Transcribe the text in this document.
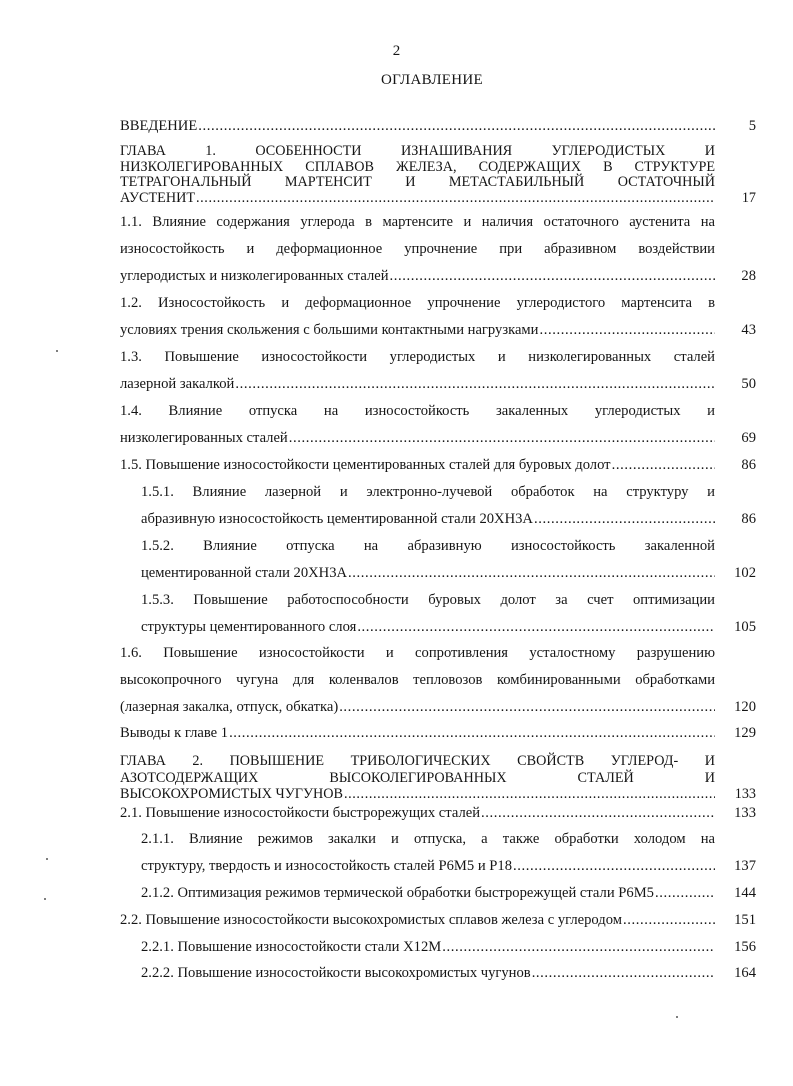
2
ОГЛАВЛЕНИЕ
ВВЕДЕНИЕ .....	5
ГЛАВА 1. ОСОБЕННОСТИ ИЗНАШИВАНИЯ УГЛЕРОДИСТЫХ И
НИЗКОЛЕГИРОВАННЫХ СПЛАВОВ ЖЕЛЕЗА, СОДЕРЖАЩИХ В СТРУКТУРЕ
ТЕТРАГОНАЛЬНЫЙ МАРТЕНСИТ И МЕТАСТАБИЛЬНЫЙ ОСТАТОЧНЫЙ
АУСТЕНИТ .....	17
1.1. Влияние содержания углерода в мартенсите и наличия остаточного аустенита на
износостойкость и деформационное упрочнение при абразивном воздействии
углеродистых и низколегированных сталей .....	28
1.2. Износостойкость и деформационное упрочнение углеродистого мартенсита в
условиях трения скольжения с большими контактными нагрузками .....	43
1.3. Повышение износостойкости углеродистых и низколегированных сталей
лазерной закалкой .....	50
1.4. Влияние отпуска на износостойкость закаленных углеродистых и
низколегированных сталей .....	69
1.5. Повышение износостойкости цементированных сталей для буровых долот .....	86
1.5.1. Влияние лазерной и электронно-лучевой обработок на структуру и
абразивную износостойкость цементированной стали 20ХН3А .....	86
1.5.2. Влияние отпуска на абразивную износостойкость закаленной
цементированной стали 20ХН3А .....	102
1.5.3. Повышение работоспособности буровых долот за счет оптимизации
структуры цементированного слоя .....	105
1.6. Повышение износостойкости и сопротивления усталостному разрушению
высокопрочного чугуна для коленвалов тепловозов комбинированными обработками
(лазерная закалка, отпуск, обкатка) .....	120
Выводы к главе 1 .....	129
ГЛАВА 2. ПОВЫШЕНИЕ ТРИБОЛОГИЧЕСКИХ СВОЙСТВ УГЛЕРОД- И
АЗОТСОДЕРЖАЩИХ ВЫСОКОЛЕГИРОВАННЫХ СТАЛЕЙ И
ВЫСОКОХРОМИСТЫХ ЧУГУНОВ .....	133
2.1. Повышение износостойкости быстрорежущих сталей .....	133
2.1.1. Влияние режимов закалки и отпуска, а также обработки холодом на
структуру, твердость и износостойкость сталей Р6М5 и Р18 .....	137
2.1.2. Оптимизация режимов термической обработки быстрорежущей стали Р6М5 .....	144
2.2. Повышение износостойкости высокохромистых сплавов железа с углеродом .....	151
2.2.1. Повышение износостойкости стали Х12М .....	156
2.2.2. Повышение износостойкости высокохромистых чугунов .....	164
